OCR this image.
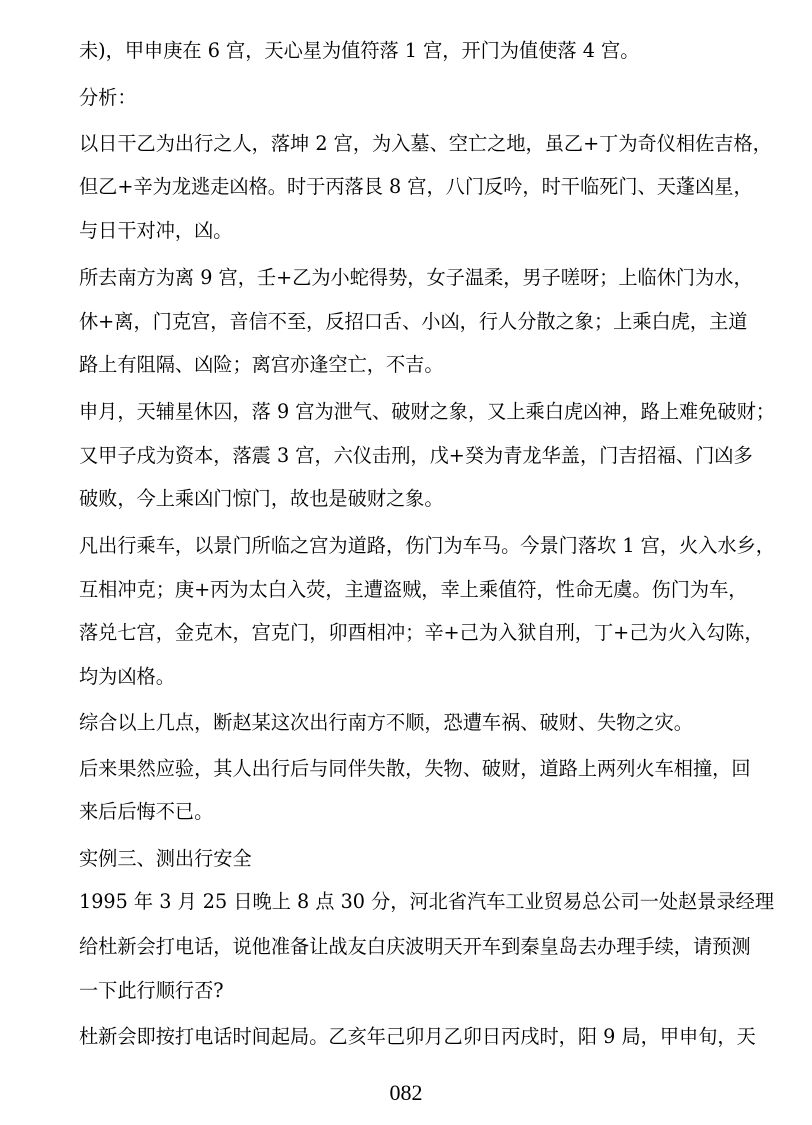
未)，甲申庚在 6 宫，天心星为值符落 1 宫，开门为值使落 4 宫。
分析：
以日干乙为出行之人，落坤 2 宫，为入墓、空亡之地，虽乙+丁为奇仪相佐吉格，
但乙+辛为龙逃走凶格。时于丙落艮 8 宫，八门反吟，时干临死门、天蓬凶星，
与日干对冲，凶。
所去南方为离 9 宫，壬+乙为小蛇得势，女子温柔，男子嗟呀；上临休门为水，
休+离，门克宫，音信不至，反招口舌、小凶，行人分散之象；上乘白虎，主道
路上有阻隔、凶险；离宫亦逢空亡，不吉。
申月，天辅星休囚，落 9 宫为泄气、破财之象，又上乘白虎凶神，路上难免破财；
又甲子戌为资本，落震 3 宫，六仪击刑，戊+癸为青龙华盖，门吉招福、门凶多
破败，今上乘凶门惊门，故也是破财之象。
凡出行乘车，以景门所临之宫为道路，伤门为车马。今景门落坎 1 宫，火入水乡，
互相冲克；庚+丙为太白入荧，主遭盗贼，幸上乘值符，性命无虞。伤门为车，
落兑七宫，金克木，宫克门，卯酉相冲；辛+己为入狱自刑，丁+己为火入勾陈，
均为凶格。
综合以上几点，断赵某这次出行南方不顺，恐遭车祸、破财、失物之灾。
后来果然应验，其人出行后与同伴失散，失物、破财，道路上两列火车相撞，回
来后后悔不已。
实例三、测出行安全
1995 年 3 月 25 日晚上 8 点 30 分，河北省汽车工业贸易总公司一处赵景录经理
给杜新会打电话，说他准备让战友白庆波明天开车到秦皇岛去办理手续，请预测
一下此行顺行否?
杜新会即按打电话时间起局。乙亥年己卯月乙卯日丙戌时，阳 9 局，甲申旬，天
082
